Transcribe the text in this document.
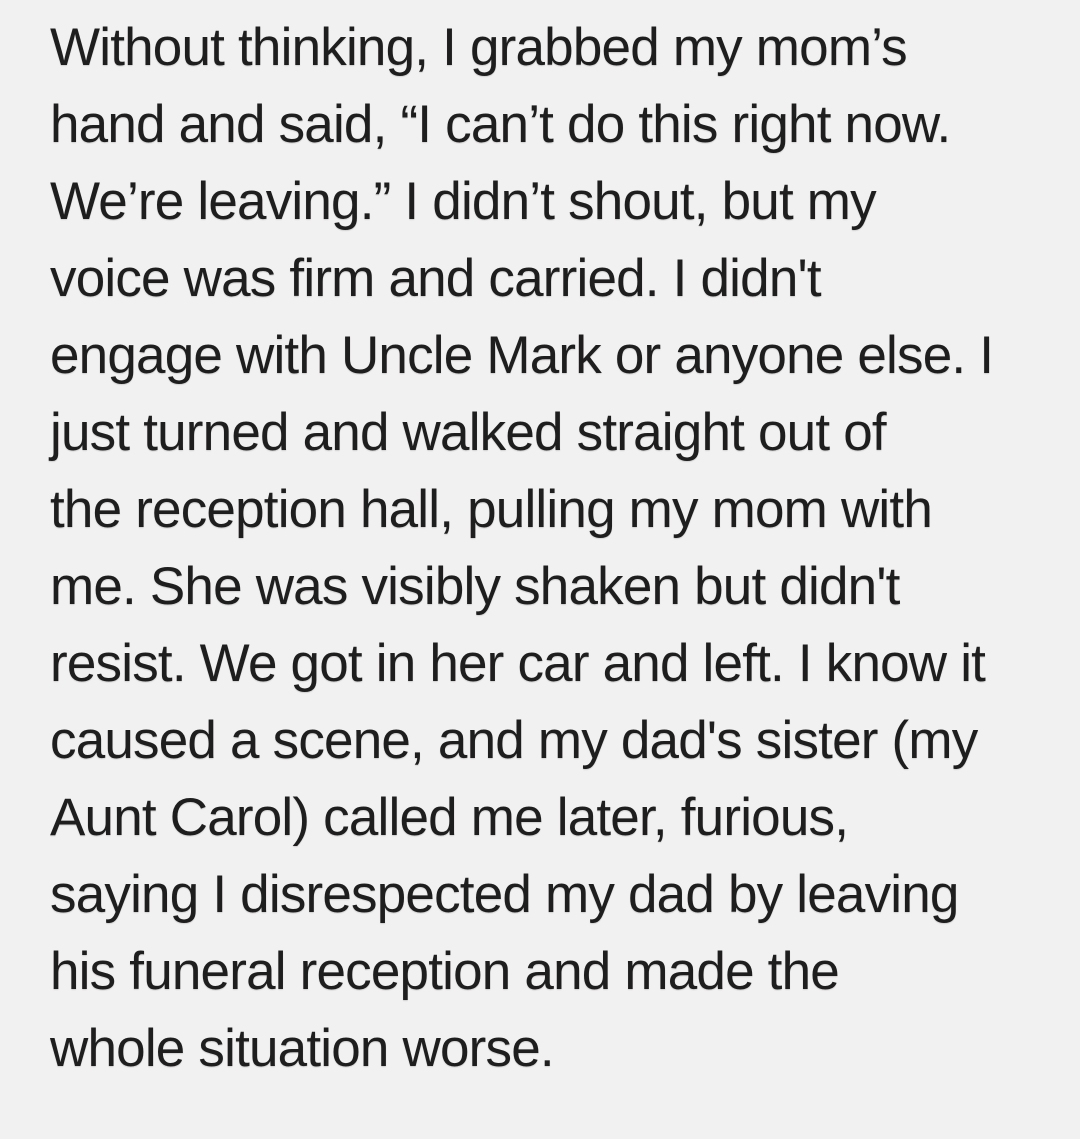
Without thinking, I grabbed my mom’s
hand and said, “I can’t do this right now.
We’re leaving.” I didn’t shout, but my
voice was firm and carried. I didn't
engage with Uncle Mark or anyone else. I
just turned and walked straight out of
the reception hall, pulling my mom with
me. She was visibly shaken but didn't
resist. We got in her car and left. I know it
caused a scene, and my dad's sister (my
Aunt Carol) called me later, furious,
saying I disrespected my dad by leaving
his funeral reception and made the
whole situation worse.
